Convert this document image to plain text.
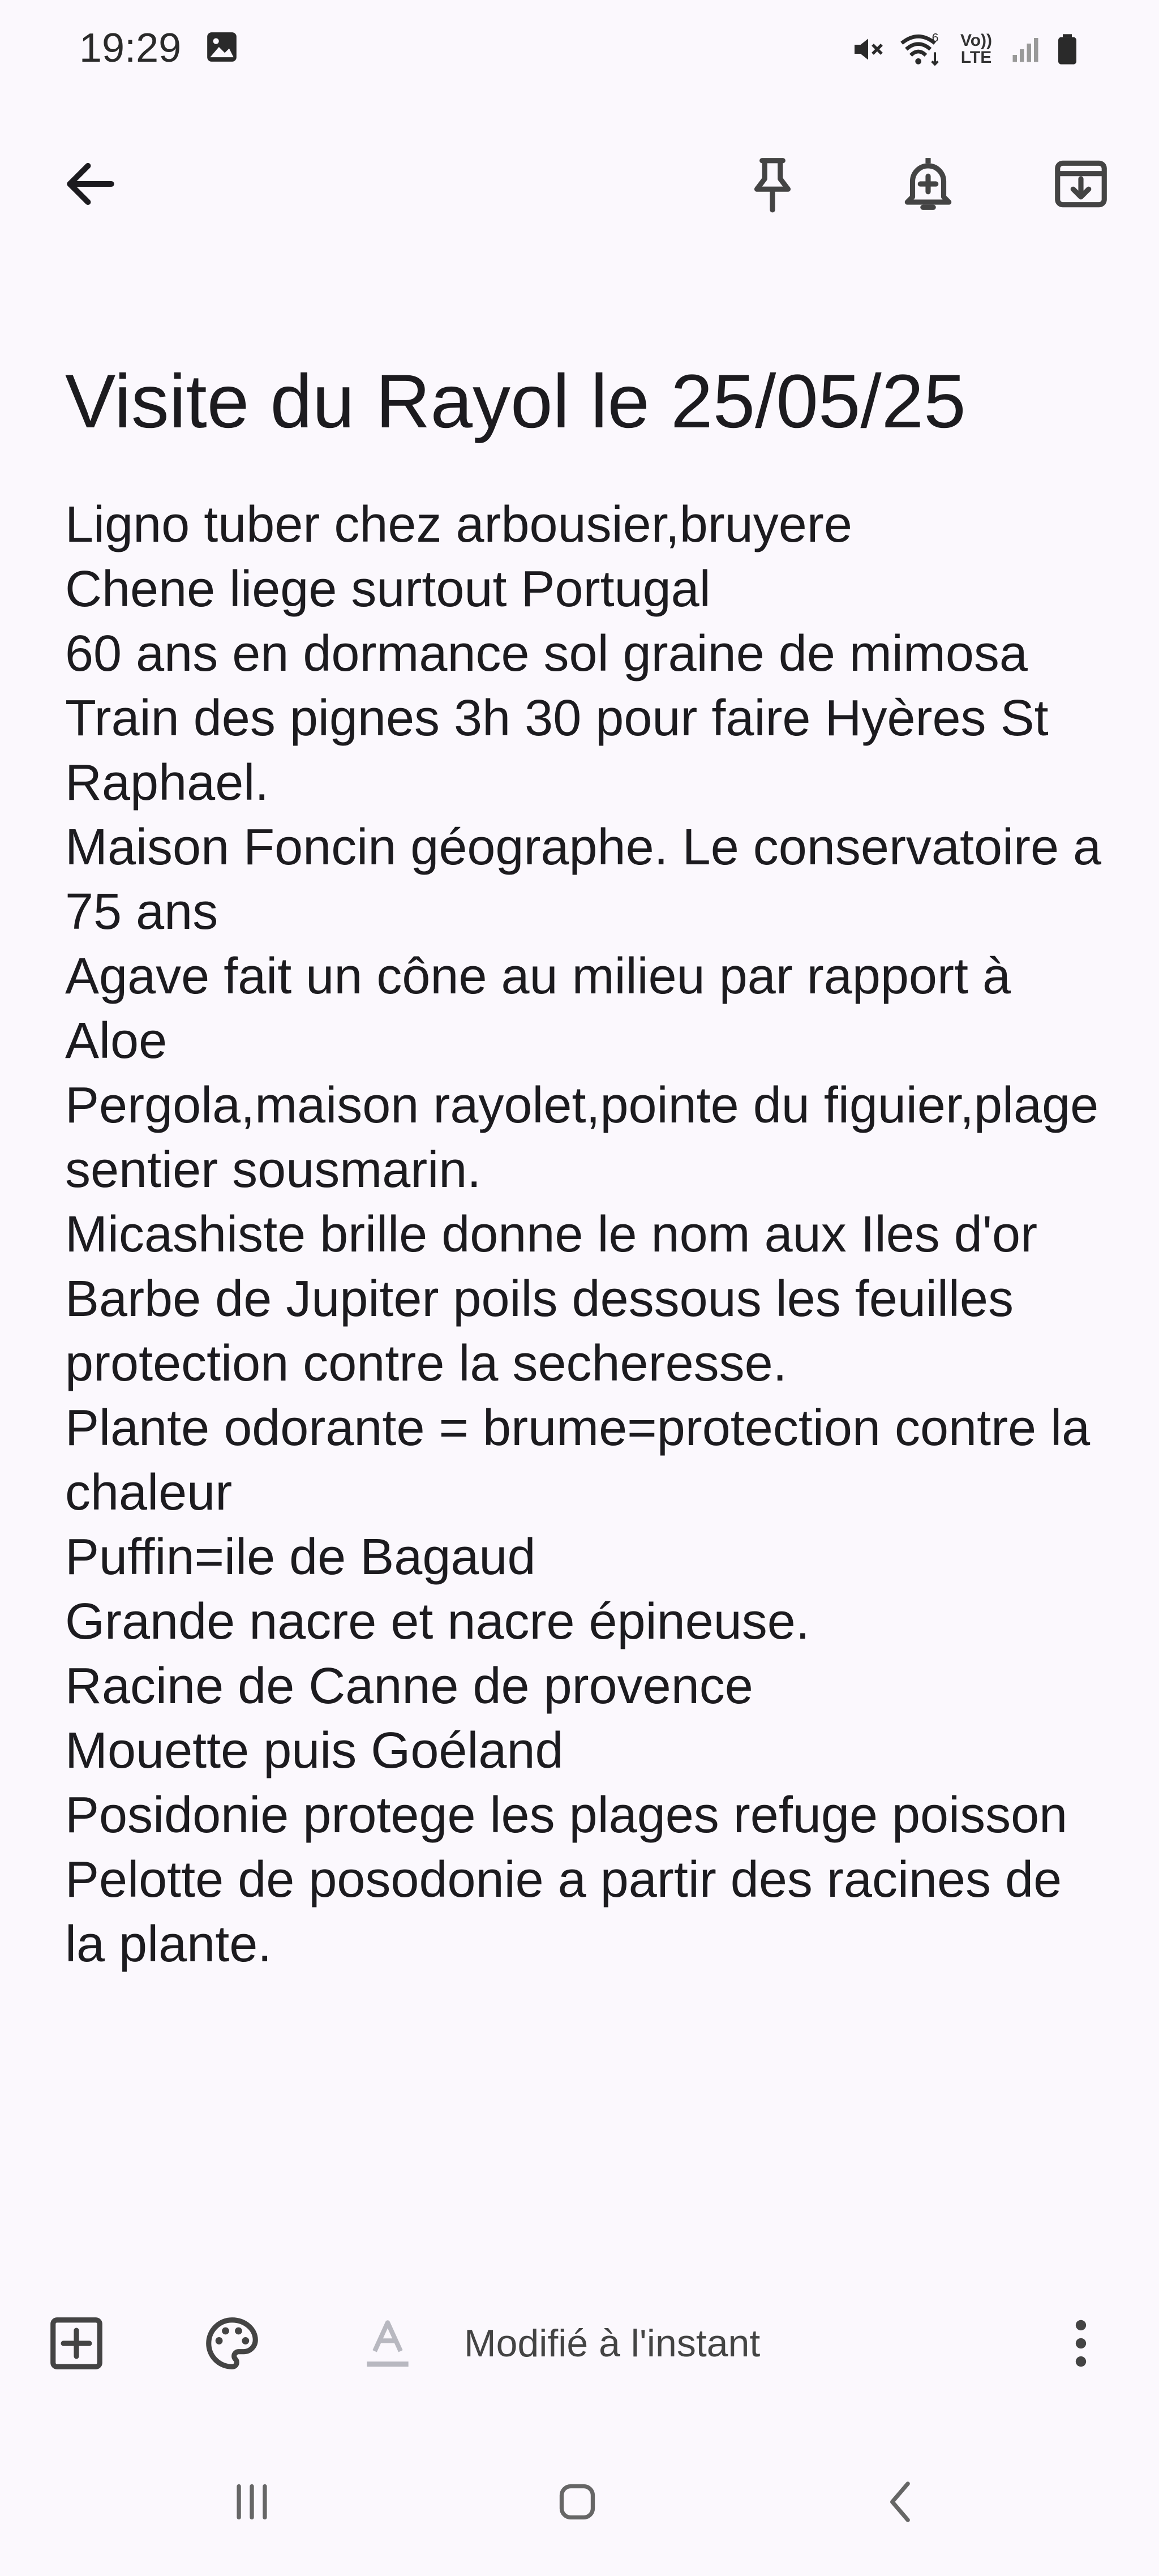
19:29	6 Vo)) LTE
Visite du Rayol le 25/05/25
Ligno tuber chez arbousier,bruyere
Chene liege surtout Portugal
60 ans en dormance sol graine de mimosa
Train des pignes 3h 30 pour faire Hyères St
Raphael.
Maison Foncin géographe. Le conservatoire a
75 ans
Agave fait un cône au milieu par rapport à
Aloe
Pergola,maison rayolet,pointe du figuier,plage
sentier sousmarin.
Micashiste brille donne le nom aux Iles d'or
Barbe de Jupiter poils dessous les feuilles
protection contre la secheresse.
Plante odorante = brume=protection contre la
chaleur
Puffin=ile de Bagaud
Grande nacre et nacre épineuse.
Racine de Canne de provence
Mouette puis Goéland
Posidonie protege les plages refuge poisson
Pelotte de posodonie a partir des racines de
la plante.
Modifié à l'instant
